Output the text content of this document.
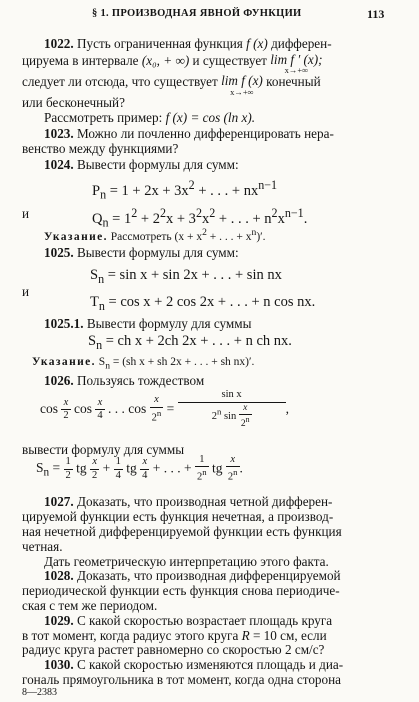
§ 1. ПРОИЗВОДНАЯ ЯВНОЙ ФУНКЦИИ	113
1022. Пусть ограниченная функция f (x) дифферен-
цируема в интервале (x₀, + ∞) и существует lim f ′ (x);
x→+∞
следует ли отсюда, что существует lim f (x)
x→+∞
конечный
или бесконечный?
Рассмотреть пример: f (x) = cos (ln x).
1023. Можно ли почленно дифференцировать нера-
венство между функциями?
1024. Вывести формулы для сумм:
$P_n = 1 + 2x + 3x^2$ + . . . + $nx^{n-1}$
и	$Q_n = 1^2 + 2^2x + 3^2x^2$ + . . . + $n^2x^{n-1}$.
Указание. Рассмотреть ($x + x^2$ + . . . + $x^n)'$.
1025. Вывести формулы для сумм:
$S_n = \sin x + \sin 2x$ + . . . + sin nx
и
$T_n = \cos x + 2$ cos 2x + . . . + n cos nx.
1025.1. Вывести формулу для суммы
$S_n$ = ch x + 2ch 2x + . . . + n ch nx.
Указание. $S_n = (sh$ x + sh 2x + . . . + sh nx)′.
1026. Пользуясь тождеством
$\cos \frac{x}{2}$ $\cos \frac{x}{4}$ . . . $\cos \frac{x}{2^n} = \frac{\text{sin x}}{2^n \sin \frac{x}{2^n}}$ ,
вывести формулу для суммы
$S_n = \frac{1}{2}$ tg $\frac{x}{2} + \frac{1}{4}$ tg $\frac{x}{4}$ + . . . + $\frac{1}{2^n}$ tg $\frac{x}{2^n}$ .
1027. Доказать, что производная четной дифферен-
цируемой функции есть функция нечетная, а производ-
ная нечетной дифференцируемой функции есть функция
четная.
Дать геометрическую интерпретацию этого факта.
1028. Доказать, что производная дифференцируемой
периодической функции есть функция снова периодиче-
ская с тем же периодом.
1029. С какой скоростью возрастает площадь круга
в тот момент, когда радиус этого круга R = 10 см, если
радиус круга растет равномерно со скоростью 2 см/с?
1030. С какой скоростью изменяются площадь и диа-
гональ прямоугольника в тот момент, когда одна сторона
8—2383
